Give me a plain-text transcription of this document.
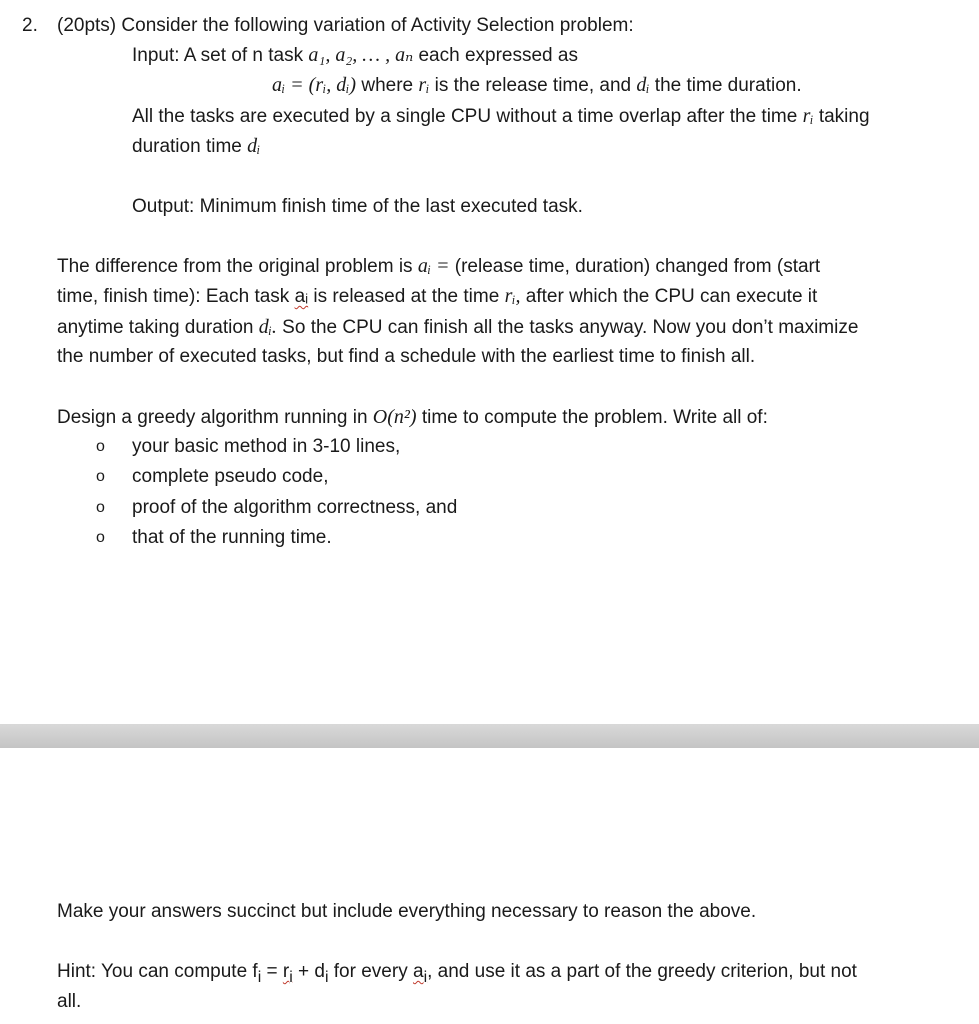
2. (20pts) Consider the following variation of Activity Selection problem:
Input: A set of n task a₁, a₂, … , aₙ each expressed as
aᵢ = (rᵢ, dᵢ) where rᵢ is the release time, and dᵢ the time duration.
All the tasks are executed by a single CPU without a time overlap after the time rᵢ taking
duration time dᵢ
Output: Minimum finish time of the last executed task.
The difference from the original problem is aᵢ = (release time, duration) changed from (start
time, finish time): Each task aᵢ is released at the time rᵢ, after which the CPU can execute it
anytime taking duration dᵢ. So the CPU can finish all the tasks anyway. Now you don’t maximize
the number of executed tasks, but find a schedule with the earliest time to finish all.
Design a greedy algorithm running in O(n²) time to compute the problem. Write all of:
o your basic method in 3-10 lines,
o complete pseudo code,
o proof of the algorithm correctness, and
o that of the running time.
Make your answers succinct but include everything necessary to reason the above.
Hint: You can compute $f_i = r_i + d_i$ for every $a_i$, and use it as a part of the greedy criterion, but not
all.
